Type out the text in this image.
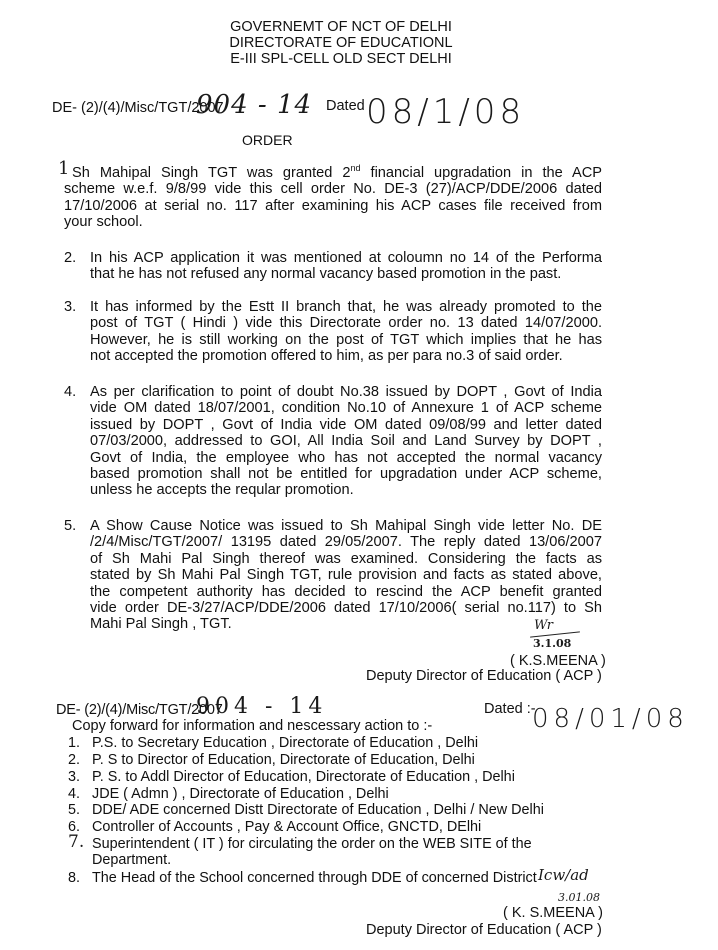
GOVERNEMT OF NCT OF DELHI
DIRECTORATE OF EDUCATIONL
E-III SPL-CELL OLD SECT DELHI
DE- (2)/(4)/Misc/TGT/2007
904 - 14
ORDER
Dated 08/1/08
1 Sh Mahipal Singh TGT was granted 2nd financial upgradation in the ACP
scheme w.e.f. 9/8/99 vide this cell order No. DE-3 (27)/ACP/DDE/2006 dated
17/10/2006 at serial no. 117 after examining his ACP cases file received from
your school.
2. In his ACP application it was mentioned at coloumn no 14 of the Performa
that he has not refused any normal vacancy based promotion in the past.
3. It has informed by the Estt II branch that, he was already promoted to the
post of TGT ( Hindi ) vide this Directorate order no. 13 dated 14/07/2000.
However, he is still working on the post of TGT which implies that he has
not accepted the promotion offered to him, as per para no.3 of said order.
4. As per clarification to point of doubt No.38 issued by DOPT , Govt of India
vide OM dated 18/07/2001, condition No.10 of Annexure 1 of ACP scheme
issued by DOPT , Govt of India vide OM dated 09/08/99 and letter dated
07/03/2000, addressed to GOI, All India Soil and Land Survey by DOPT ,
Govt of India, the employee who has not accepted the normal vacancy
based promotion shall not be entitled for upgradation under ACP scheme,
unless he accepts the reqular promotion.
5. A Show Cause Notice was issued to Sh Mahipal Singh vide letter No. DE
/2/4/Misc/TGT/2007/ 13195 dated 29/05/2007. The reply dated 13/06/2007
of Sh Mahi Pal Singh thereof was examined. Considering the facts as
stated by Sh Mahi Pal Singh TGT, rule provision and facts as stated above,
the competent authority has decided to rescind the ACP benefit granted
vide order DE-3/27/ACP/DDE/2006 dated 17/10/2006( serial no.117) to Sh
Mahi Pal Singh , TGT.	Wr
3.1.08
( K.S.MEENA )
Deputy Director of Education ( ACP )
DE- (2)/(4)/Misc/TGT/2007
904 - 14	Dated :-
08/01/08
Copy forward for information and nescessary action to :-
1. P.S. to Secretary Education , Directorate of Education , Delhi
2. P. S to Director of Education, Directorate of Education, Delhi
3. P. S. to Addl Director of Education, Directorate of Education , Delhi
4. JDE ( Admn ) , Directorate of Education , Delhi
5. DDE/ ADE concerned Distt Directorate of Education , Delhi / New Delhi
6. Controller of Accounts , Pay & Account Office, GNCTD, DElhi
7. Superintendent ( IT ) for circulating the order on the WEB SITE of the
Department.
8. The Head of the School concerned through DDE of concerned District Icw/ad
3.01.08
( K. S.MEENA )
Deputy Director of Education ( ACP )
